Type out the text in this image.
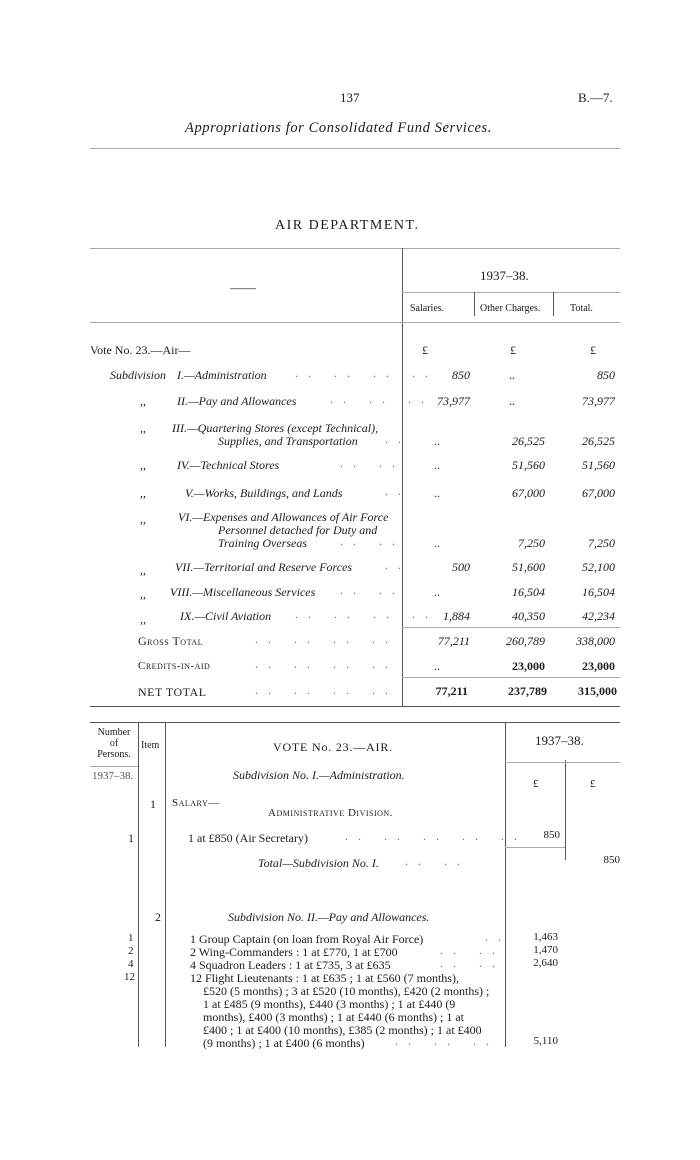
137	B.—7.
Appropriations for Consolidated Fund Services.
AIR DEPARTMENT.
1937–38.
——
Salaries.	Other Charges.	Total.
Vote No. 23.—Air—	£	£	£
Subdivision I.—Administration .. .. .. ..	850	..	850
,,	II.—Pay and Allowances	.. .. .. 73,977	..	73,977
,, III.—Quartering Stores (except Technical),
Supplies, and Transportation ..	..	26,525	26,525
,,	IV.—Technical Stores	.. ..	..	51,560	51,560
,,	V.—Works, Buildings, and Lands	..	..	67,000	67,000
,,	VI.—Expenses and Allowances of Air Force
Personnel detached for Duty and
Training Overseas	.. ..	..	7,250	7,250
,, VII.—Territorial and Reserve Forces	..	500	51,600	52,100
,, VIII.—Miscellaneous Services .. ..	..	16,504	16,504
,,	IX.—Civil Aviation .. .. .. .. 1,884	40,350	42,234
Gross Total	.. .. .. ..	77,211	260,789	338,000
Credits-in-aid	.. .. .. ..	..	23,000	23,000
NET TOTAL	.. .. .. ..	77,211	237,789	315,000
Number
of
Persons.
Item	VOTE No. 23.—AIR.	1937–38.
1937–38.	Subdivision No. I.—Administration.
£	£
1 Salary—
Administrative Division.
1	1 at £850 (Air Secretary)	.. .. .. .. ..	850
Total—Subdivision No. I. .. ..	850
2	Subdivision No. II.—Pay and Allowances.
1	1 Group Captain (on loan from Royal Air Force)	..	1,463
2	2 Wing-Commanders : 1 at £770, 1 at £700	.. ..	1,470
4	4 Squadron Leaders : 1 at £735, 3 at £635	.. ..	2,640
12	12 Flight Lieutenants : 1 at £635 ; 1 at £560 (7 months),
£520 (5 months) ; 3 at £520 (10 months), £420 (2 months) ;
1 at £485 (9 months), £440 (3 months) ; 1 at £440 (9
months), £400 (3 months) ; 1 at £440 (6 months) ; 1 at
£400 ; 1 at £400 (10 months), £385 (2 months) ; 1 at £400
(9 months) ; 1 at £400 (6 months)	.. .. ..	5,110
